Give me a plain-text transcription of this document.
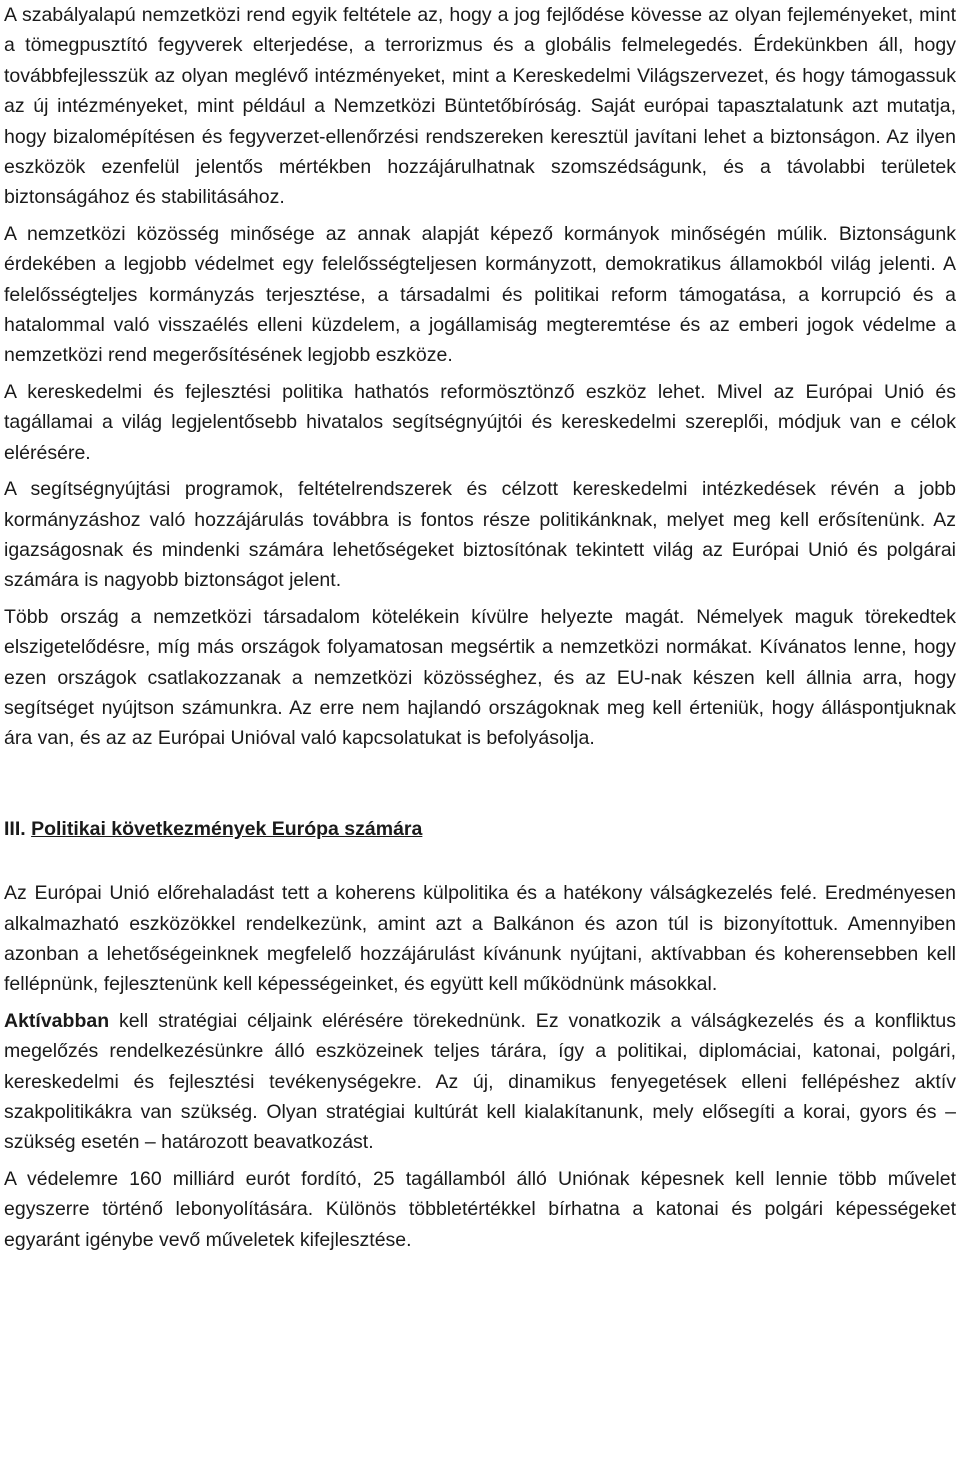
A szabályalapú nemzetközi rend egyik feltétele az, hogy a jog fejlődése kövesse az olyan fejleményeket, mint a tömegpusztító fegyverek elterjedése, a terrorizmus és a globális felmelegedés. Érdekünkben áll, hogy továbbfejlesszük az olyan meglévő intézményeket, mint a Kereskedelmi Világszervezet, és hogy támogassuk az új intézményeket, mint például a Nemzetközi Büntetőbíróság. Saját európai tapasztalatunk azt mutatja, hogy bizalomépítésen és fegyverzet-ellenőrzési rendszereken keresztül javítani lehet a biztonságon. Az ilyen eszközök ezenfelül jelentős mértékben hozzájárulhatnak szomszédságunk, és a távolabbi területek biztonságához és stabilitásához.

A nemzetközi közösség minősége az annak alapját képező kormányok minőségén múlik. Biztonságunk érdekében a legjobb védelmet egy felelősségteljesen kormányzott, demokratikus államokból világ jelenti. A felelősségteljes kormányzás terjesztése, a társadalmi és politikai reform támogatása, a korrupció és a hatalommal való visszaélés elleni küzdelem, a jogállamiság megteremtése és az emberi jogok védelme a nemzetközi rend megerősítésének legjobb eszköze.

A kereskedelmi és fejlesztési politika hathatós reformösztönző eszköz lehet. Mivel az Európai Unió és tagállamai a világ legjelentősebb hivatalos segítségnyújtói és kereskedelmi szereplői, módjuk van e célok elérésére.

A segítségnyújtási programok, feltételrendszerek és célzott kereskedelmi intézkedések révén a jobb kormányzáshoz való hozzájárulás továbbra is fontos része politikánknak, melyet meg kell erősítenünk. Az igazságosnak és mindenki számára lehetőségeket biztosítónak tekintett világ az Európai Unió és polgárai számára is nagyobb biztonságot jelent.

Több ország a nemzetközi társadalom kötelékein kívülre helyezte magát. Némelyek maguk törekedtek elszigetelődésre, míg más országok folyamatosan megsértik a nemzetközi normákat. Kívánatos lenne, hogy ezen országok csatlakozzanak a nemzetközi közösséghez, és az EU-nak készen kell állnia arra, hogy segítséget nyújtson számunkra. Az erre nem hajlandó országoknak meg kell érteniük, hogy álláspontjuknak ára van, és az az Európai Unióval való kapcsolatukat is befolyásolja.

III. Politikai következmények Európa számára

Az Európai Unió előrehaladást tett a koherens külpolitika és a hatékony válságkezelés felé. Eredményesen alkalmazható eszközökkel rendelkezünk, amint azt a Balkánon és azon túl is bizonyítottuk. Amennyiben azonban a lehetőségeinknek megfelelő hozzájárulást kívánunk nyújtani, aktívabban és koherensebben kell fellépnünk, fejlesztenünk kell képességeinket, és együtt kell működnünk másokkal.

Aktívabban kell stratégiai céljaink elérésére törekednünk. Ez vonatkozik a válságkezelés és a konfliktus megelőzés rendelkezésünkre álló eszközeinek teljes tárára, így a politikai, diplomáciai, katonai, polgári, kereskedelmi és fejlesztési tevékenységekre. Az új, dinamikus fenyegetések elleni fellépéshez aktív szakpolitikákra van szükség. Olyan stratégiai kultúrát kell kialakítanunk, mely elősegíti a korai, gyors és – szükség esetén – határozott beavatkozást.

A védelemre 160 milliárd eurót fordító, 25 tagállamból álló Uniónak képesnek kell lennie több művelet egyszerre történő lebonyolítására. Különös többletértékkel bírhatna a katonai és polgári képességeket egyaránt igénybe vevő műveletek kifejlesztése.
